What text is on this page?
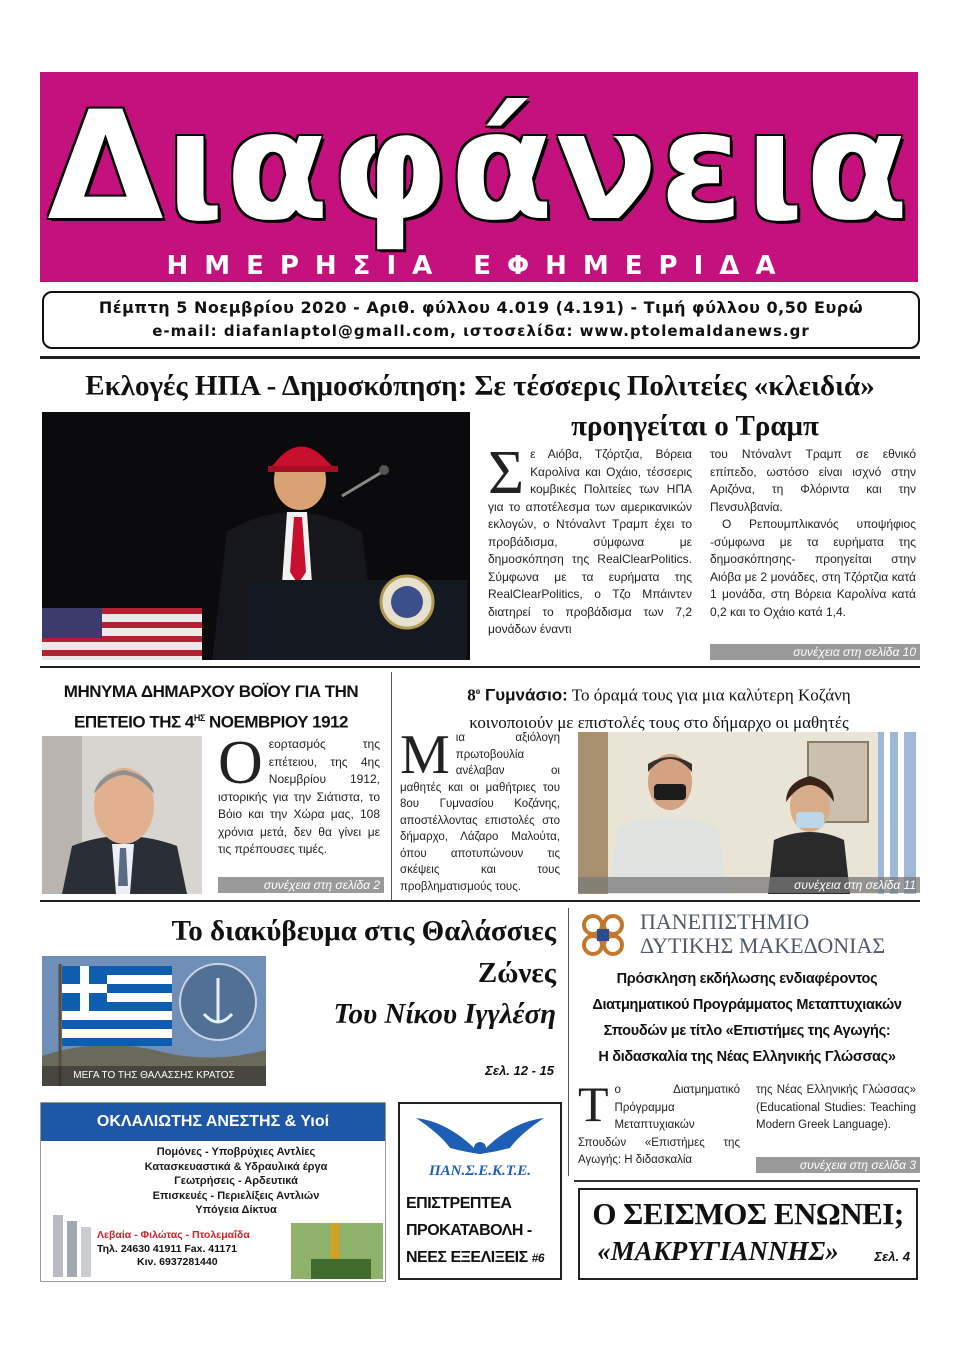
Διαφάνεια
ΗΜΕΡΗΣΙΑ ΕΦΗΜΕΡΙΔΑ
Πέμπτη 5 Νοεμβρίου 2020 - Αριθ. φύλλου 4.019 (4.191) - Τιμή φύλλου 0,50 Ευρώ
e-mail: diafanlaptol@gmall.com, ιστοσελίδα: www.ptolemaldanews.gr
Εκλογές ΗΠΑ - Δημοσκόπηση: Σε τέσσερις Πολιτείες «κλειδιά»
προηγείται ο Τραμπ
Σε Αιόβα, Τζόρτζια, Βόρεια Καρολίνα και Οχάιο, τέσσερις κομβικές Πολιτείες των ΗΠΑ για το αποτέλεσμα των αμερικανικών εκλογών, ο Ντόναλντ Τραμπ έχει το προβάδισμα, σύμφωνα με δημοσκόπηση της RealClearPolitics. Σύμφωνα με τα ευρήματα της RealClearPolitics, ο Τζο Μπάιντεν διατηρεί το προβάδισμα των 7,2 μονάδων έναντι
του Ντόναλντ Τραμπ σε εθνικό επίπεδο, ωστόσο είναι ισχνό στην Αριζόνα, τη Φλόριντα και την Πενσυλβανία.
Ο Ρεπουμπλικανός υποψήφιος -σύμφωνα με τα ευρήματα της δημοσκόπησης- προηγείται στην Αιόβα με 2 μονάδες, στη Τζόρτζια κατά 1 μονάδα, στη Βόρεια Καρολίνα κατά 0,2 και το Οχάιο κατά 1,4.
συνέχεια στη σελίδα 10
ΜΗΝΥΜΑ ΔΗΜΑΡΧΟΥ ΒΟΪΟΥ ΓΙΑ ΤΗΝ
ΕΠΕΤΕΙΟ ΤΗΣ $4^{H\Sigma}$ ΝΟΕΜΒΡΙΟΥ 1912
Οεορτασμός της επέτειου, της 4ης Νοεμβρίου 1912, ιστορικής για την Σιάτιστα, το Βόιο και την Χώρα μας, 108 χρόνια μετά, δεν θα γίνει με τις πρέπουσες τιμές.
συνέχεια στη σελίδα 2
$8^o$ Γυμνάσιο: Το όραμά τους για μια καλύτερη Κοζάνη
κοινοποιούν με επιστολές τους στο δήμαρχο οι μαθητές
Μια αξιόλογη πρωτοβουλία ανέλαβαν οι μαθητές και οι μαθήτριες του 8ου Γυμνασίου Κοζάνης, αποστέλλοντας επιστολές στο δήμαρχο, Λάζαρο Μαλούτα, όπου αποτυπώνουν τις σκέψεις και τους προβληματισμούς τους.	συνέχεια στη σελίδα 11
Το διακύβευμα στις Θαλάσσιες
Ζώνες
Του Νίκου Ιγγλέση
ΜΕΓΑ ΤΟ ΤΗΣ ΘΑΛΑΣΣΗΣ ΚΡΑΤΟΣ	Σελ. 12 - 15
ΠΑΝΕΠΙΣΤΗΜΙΟ
ΔΥΤΙΚΗΣ ΜΑΚΕΔΟΝΙΑΣ
Πρόσκληση εκδήλωσης ενδιαφέροντος
Διατμηματικού Προγράμματος Μεταπτυχιακών
Σπουδών με τίτλο «Επιστήμες της Αγωγής:
Η διδασκαλία της Νέας Ελληνικής Γλώσσας»
Το Διατμηματικό Πρόγραμμα Μεταπτυχιακών Σπουδών «Επιστήμες της Αγωγής: Η διδασκαλία
της Νέας Ελληνικής Γλώσσας» (Educational Studies: Teaching Modern Greek Language).
συνέχεια στη σελίδα 3
ΟΚΛΑΛΙΩΤΗΣ ΑΝΕΣΤΗΣ & Υιοί
Πομόνες - Υποβρύχιες Αντλίες
Κατασκευαστικά & Υδραυλικά έργα
Γεωτρήσεις - Αρδευτικά
Επισκευές - Περιελίξεις Αντλιών
Υπόγεια Δίκτυα
Λεβαία - Φιλώτας - Πτολεμαΐδα
Τηλ. 24630 41911 Fax. 41171
Κιν. 6937281440
ΠΑΝ.Σ.Ε.Κ.Τ.Ε.
ΕΠΙΣΤΡΕΠΤΕΑ
ΠΡΟΚΑΤΑΒΟΛΗ -
ΝΕΕΣ ΕΞΕΛΙΞΕΙΣ #6
Ο ΣΕΙΣΜΟΣ ΕΝΩΝΕΙ;
«ΜΑΚΡΥΓΙΑΝΝΗΣ»	Σελ. 4
